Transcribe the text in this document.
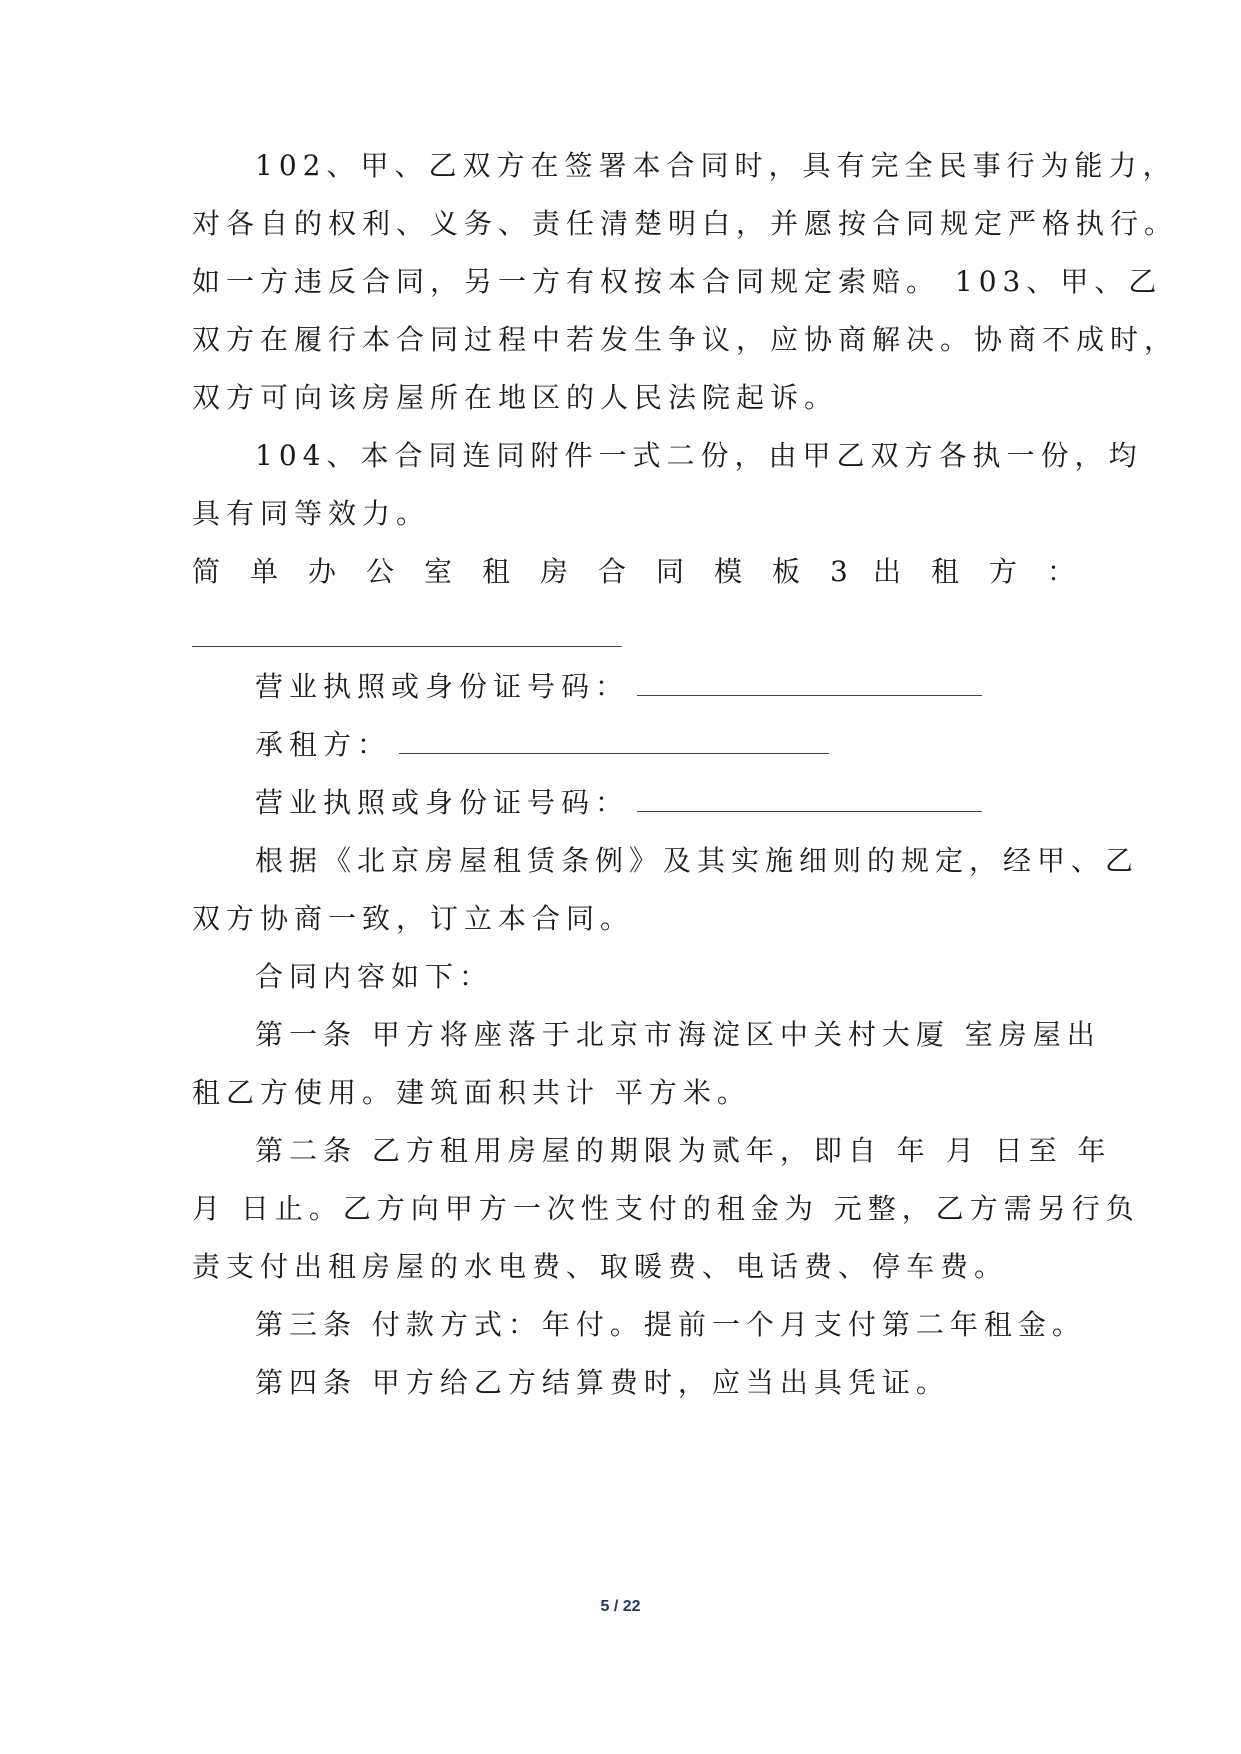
102、甲、乙双方在签署本合同时，具有完全民事行为能力，
对各自的权利、义务、责任清楚明白，并愿按合同规定严格执行。
如一方违反合同，另一方有权按本合同规定索赔。 103、甲、乙
双方在履行本合同过程中若发生争议，应协商解决。协商不成时，
双方可向该房屋所在地区的人民法院起诉。
104、本合同连同附件一式二份，由甲乙双方各执一份，均
具有同等效力。
简单办公室租房合同模板3
出租方：
营业执照或身份证号码：
承租方：
营业执照或身份证号码：
根据《北京房屋租赁条例》及其实施细则的规定，经甲、乙
双方协商一致，订立本合同。
合同内容如下：
第一条 甲方将座落于北京市海淀区中关村大厦 室房屋出
租乙方使用。建筑面积共计 平方米。
第二条 乙方租用房屋的期限为贰年，即自 年 月 日至 年
月 日止。乙方向甲方一次性支付的租金为 元整，乙方需另行负
责支付出租房屋的水电费、取暖费、电话费、停车费。
第三条 付款方式：年付。提前一个月支付第二年租金。
第四条 甲方给乙方结算费时，应当出具凭证。
5 / 22
